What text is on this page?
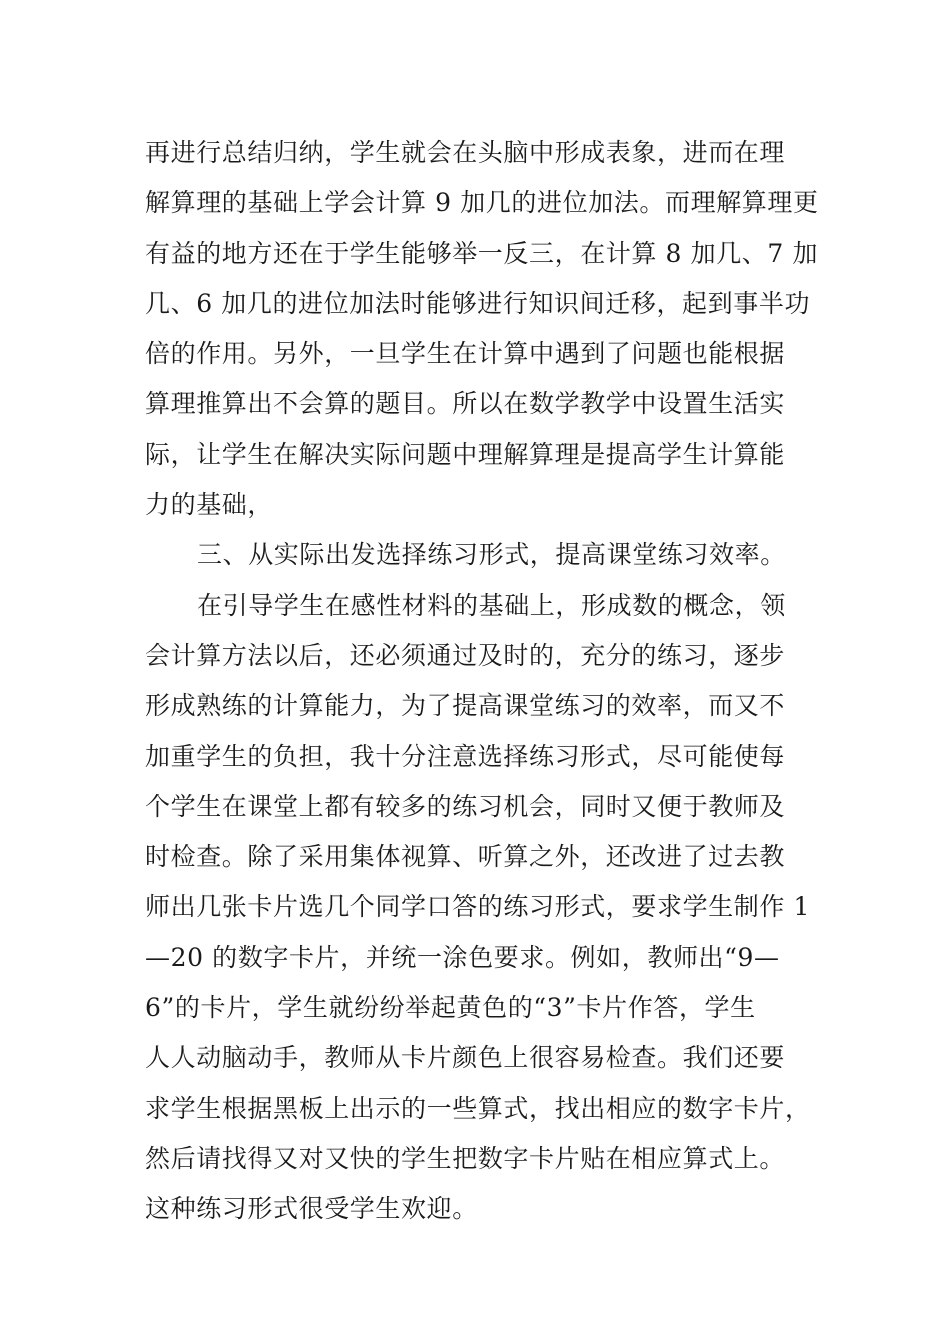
再进行总结归纳，学生就会在头脑中形成表象，进而在理
解算理的基础上学会计算 9 加几的进位加法。而理解算理更
有益的地方还在于学生能够举一反三，在计算 8 加几、7 加
几、6 加几的进位加法时能够进行知识间迁移，起到事半功
倍的作用。另外，一旦学生在计算中遇到了问题也能根据
算理推算出不会算的题目。所以在数学教学中设置生活实
际，让学生在解决实际问题中理解算理是提高学生计算能
力的基础，
三、从实际出发选择练习形式，提高课堂练习效率。
在引导学生在感性材料的基础上，形成数的概念，领
会计算方法以后，还必须通过及时的，充分的练习，逐步
形成熟练的计算能力，为了提高课堂练习的效率，而又不
加重学生的负担，我十分注意选择练习形式，尽可能使每
个学生在课堂上都有较多的练习机会，同时又便于教师及
时检查。除了采用集体视算、听算之外，还改进了过去教
师出几张卡片选几个同学口答的练习形式，要求学生制作 1
—20 的数字卡片，并统一涂色要求。例如，教师出“9—
6”的卡片，学生就纷纷举起黄色的“3”卡片作答，学生
人人动脑动手，教师从卡片颜色上很容易检查。我们还要
求学生根据黑板上出示的一些算式，找出相应的数字卡片，
然后请找得又对又快的学生把数字卡片贴在相应算式上。
这种练习形式很受学生欢迎。
